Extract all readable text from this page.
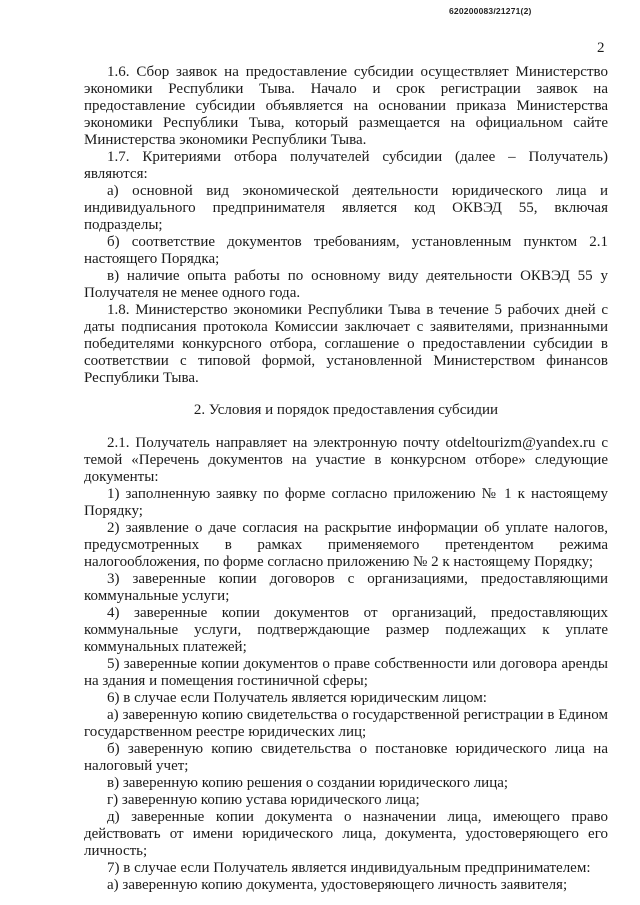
620200083/21271(2)
2

1.6. Сбор заявок на предоставление субсидии осуществляет Министерство экономики Республики Тыва. Начало и срок регистрации заявок на предоставление субсидии объявляется на основании приказа Министерства экономики Республики Тыва, который размещается на официальном сайте Министерства экономики Республики Тыва.

1.7. Критериями отбора получателей субсидии (далее – Получатель) являются:

а) основной вид экономической деятельности юридического лица и индивидуального предпринимателя является код ОКВЭД 55, включая подразделы;

б) соответствие документов требованиям, установленным пунктом 2.1 настоящего Порядка;

в) наличие опыта работы по основному виду деятельности ОКВЭД 55 у Получателя не менее одного года.

1.8. Министерство экономики Республики Тыва в течение 5 рабочих дней с даты подписания протокола Комиссии заключает с заявителями, признанными победителями конкурсного отбора, соглашение о предоставлении субсидии в соответствии с типовой формой, установленной Министерством финансов Республики Тыва.

2. Условия и порядок предоставления субсидии

2.1. Получатель направляет на электронную почту otdeltourizm@yandex.ru с темой «Перечень документов на участие в конкурсном отборе» следующие документы:

1) заполненную заявку по форме согласно приложению № 1 к настоящему Порядку;

2) заявление о даче согласия на раскрытие информации об уплате налогов, предусмотренных в рамках применяемого претендентом режима налогообложения, по форме согласно приложению № 2 к настоящему Порядку;

3) заверенные копии договоров с организациями, предоставляющими коммунальные услуги;

4) заверенные копии документов от организаций, предоставляющих коммунальные услуги, подтверждающие размер подлежащих к уплате коммунальных платежей;

5) заверенные копии документов о праве собственности или договора аренды на здания и помещения гостиничной сферы;

6) в случае если Получатель является юридическим лицом:

а) заверенную копию свидетельства о государственной регистрации в Едином государственном реестре юридических лиц;

б) заверенную копию свидетельства о постановке юридического лица на налоговый учет;

в) заверенную копию решения о создании юридического лица;

г) заверенную копию устава юридического лица;

д) заверенные копии документа о назначении лица, имеющего право действовать от имени юридического лица, документа, удостоверяющего его личность;

7) в случае если Получатель является индивидуальным предпринимателем:

а) заверенную копию документа, удостоверяющего личность заявителя;
